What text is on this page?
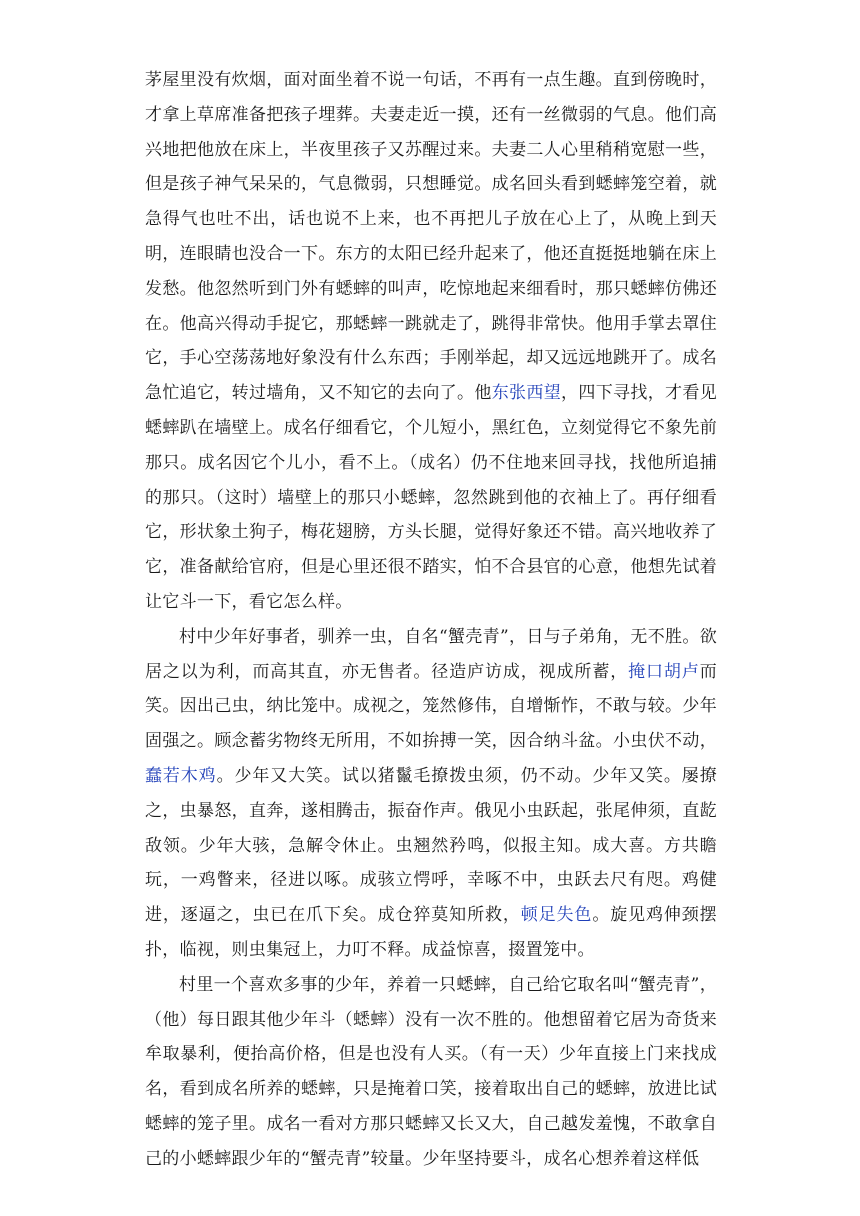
茅屋里没有炊烟，面对面坐着不说一句话，不再有一点生趣。直到傍晚时，才拿上草席准备把孩子埋葬。夫妻走近一摸，还有一丝微弱的气息。他们高兴地把他放在床上，半夜里孩子又苏醒过来。夫妻二人心里稍稍宽慰一些，但是孩子神气呆呆的，气息微弱，只想睡觉。成名回头看到蟋蟀笼空着，就急得气也吐不出，话也说不上来，也不再把儿子放在心上了，从晚上到天明，连眼睛也没合一下。东方的太阳已经升起来了，他还直挺挺地躺在床上发愁。他忽然听到门外有蟋蟀的叫声，吃惊地起来细看时，那只蟋蟀仿佛还在。他高兴得动手捉它，那蟋蟀一跳就走了，跳得非常快。他用手掌去罩住它，手心空荡荡地好象没有什么东西；手刚举起，却又远远地跳开了。成名急忙追它，转过墙角，又不知它的去向了。他东张西望，四下寻找，才看见蟋蟀趴在墙壁上。成名仔细看它，个儿短小，黑红色，立刻觉得它不象先前那只。成名因它个儿小，看不上。（成名）仍不住地来回寻找，找他所追捕的那只。（这时）墙壁上的那只小蟋蟀，忽然跳到他的衣袖上了。再仔细看它，形状象土狗子，梅花翅膀，方头长腿，觉得好象还不错。高兴地收养了它，准备献给官府，但是心里还很不踏实，怕不合县官的心意，他想先试着让它斗一下，看它怎么样。

村中少年好事者，驯养一虫，自名“蟹壳青”，日与子弟角，无不胜。欲居之以为利，而高其直，亦无售者。径造庐访成，视成所蓄，掩口胡卢而笑。因出己虫，纳比笼中。成视之，笼然修伟，自增惭怍，不敢与较。少年固强之。顾念蓄劣物终无所用，不如拚搏一笑，因合纳斗盆。小虫伏不动，蠢若木鸡。少年又大笑。试以猪鬣毛撩拨虫须，仍不动。少年又笑。屡撩之，虫暴怒，直奔，遂相腾击，振奋作声。俄见小虫跃起，张尾伸须，直龁敌领。少年大骇，急解令休止。虫翘然矜鸣，似报主知。成大喜。方共瞻玩，一鸡瞥来，径进以啄。成骇立愕呼，幸啄不中，虫跃去尺有咫。鸡健进，逐逼之，虫已在爪下矣。成仓猝莫知所救，顿足失色。旋见鸡伸颈摆扑，临视，则虫集冠上，力叮不释。成益惊喜，掇置笼中。

村里一个喜欢多事的少年，养着一只蟋蟀，自己给它取名叫“蟹壳青”，（他）每日跟其他少年斗（蟋蟀）没有一次不胜的。他想留着它居为奇货来牟取暴利，便抬高价格，但是也没有人买。（有一天）少年直接上门来找成名，看到成名所养的蟋蟀，只是掩着口笑，接着取出自己的蟋蟀，放进比试蟋蟀的笼子里。成名一看对方那只蟋蟀又长又大，自己越发羞愧，不敢拿自己的小蟋蟀跟少年的“蟹壳青”较量。少年坚持要斗，成名心想养着这样低
